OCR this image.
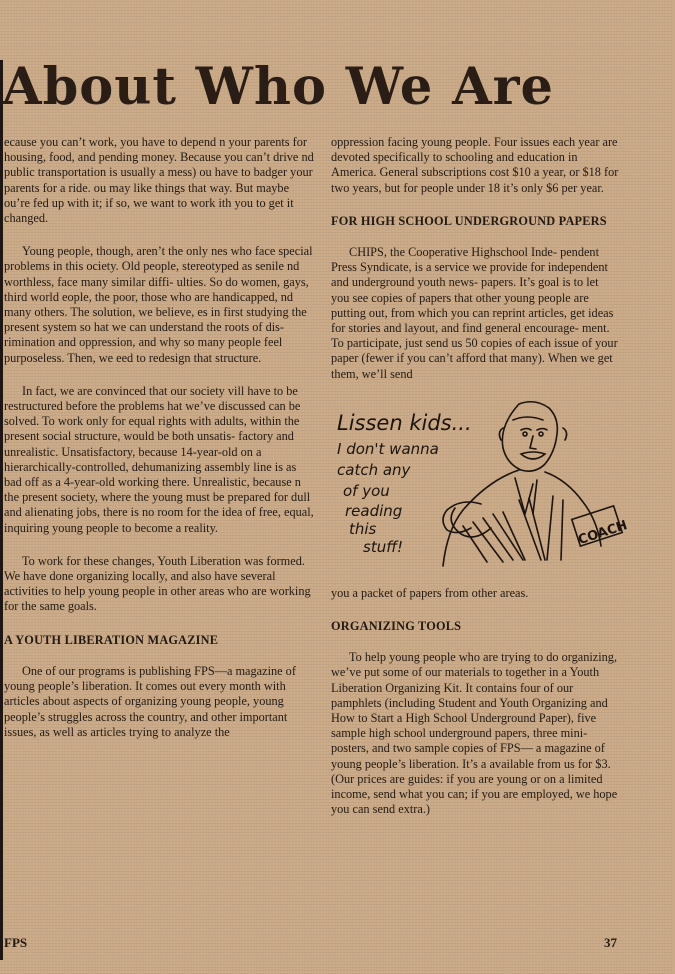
About Who We Are

ecause you can’t work, you have to depend n your parents for housing, food, and pending money. Because you can’t drive nd public transportation is usually a mess) ou have to badger your parents for a ride. ou may like things that way. But maybe ou’re fed up with it; if so, we want to work ith you to get it changed.

Young people, though, aren’t the only nes who face special problems in this ociety. Old people, stereotyped as senile nd worthless, face many similar diffi- ulties. So do women, gays, third world eople, the poor, those who are handicapped, nd many others. The solution, we believe, es in first studying the present system so hat we can understand the roots of dis- rimination and oppression, and why so many people feel purposeless. Then, we eed to redesign that structure.

In fact, we are convinced that our society vill have to be restructured before the problems hat we’ve discussed can be solved. To work only for equal rights with adults, within the present social structure, would be both unsatis- factory and unrealistic. Unsatisfactory, because 14-year-old on a hierarchically-controlled, dehumanizing assembly line is as bad off as a 4-year-old working there. Unrealistic, because n the present society, where the young must be prepared for dull and alienating jobs, there is no room for the idea of free, equal, inquiring young people to become a reality.

To work for these changes, Youth Liberation was formed. We have done organizing locally, and also have several activities to help young people in other areas who are working for the same goals.

A YOUTH LIBERATION MAGAZINE

One of our programs is publishing FPS—a magazine of young people’s liberation. It comes out every month with articles about aspects of organizing young people, young people’s struggles across the country, and other important issues, as well as articles trying to analyze the

oppression facing young people. Four issues each year are devoted specifically to schooling and education in America. General subscriptions cost $10 a year, or $18 for two years, but for people under 18 it’s only $6 per year.

FOR HIGH SCHOOL UNDERGROUND PAPERS

CHIPS, the Cooperative Highschool Inde- pendent Press Syndicate, is a service we provide for independent and underground youth news- papers. It’s goal is to let you see copies of papers that other young people are putting out, from which you can reprint articles, get ideas for stories and layout, and find general encourage- ment. To participate, just send us 50 copies of each issue of your paper (fewer if you can’t afford that many). When we get them, we’ll send

Lissen kids...
I don't wanna
catch any
of you
reading
this
stuff!	COACH

you a packet of papers from other areas.

ORGANIZING TOOLS

To help young people who are trying to do organizing, we’ve put some of our materials to together in a Youth Liberation Organizing Kit. It contains four of our pamphlets (including Student and Youth Organizing and How to Start a High School Underground Paper), five sample high school underground papers, three mini-posters, and two sample copies of FPS— a magazine of young people’s liberation. It’s a available from us for $3. (Our prices are guides: if you are young or on a limited income, send what you can; if you are employed, we hope you can send extra.)

FPS	37
